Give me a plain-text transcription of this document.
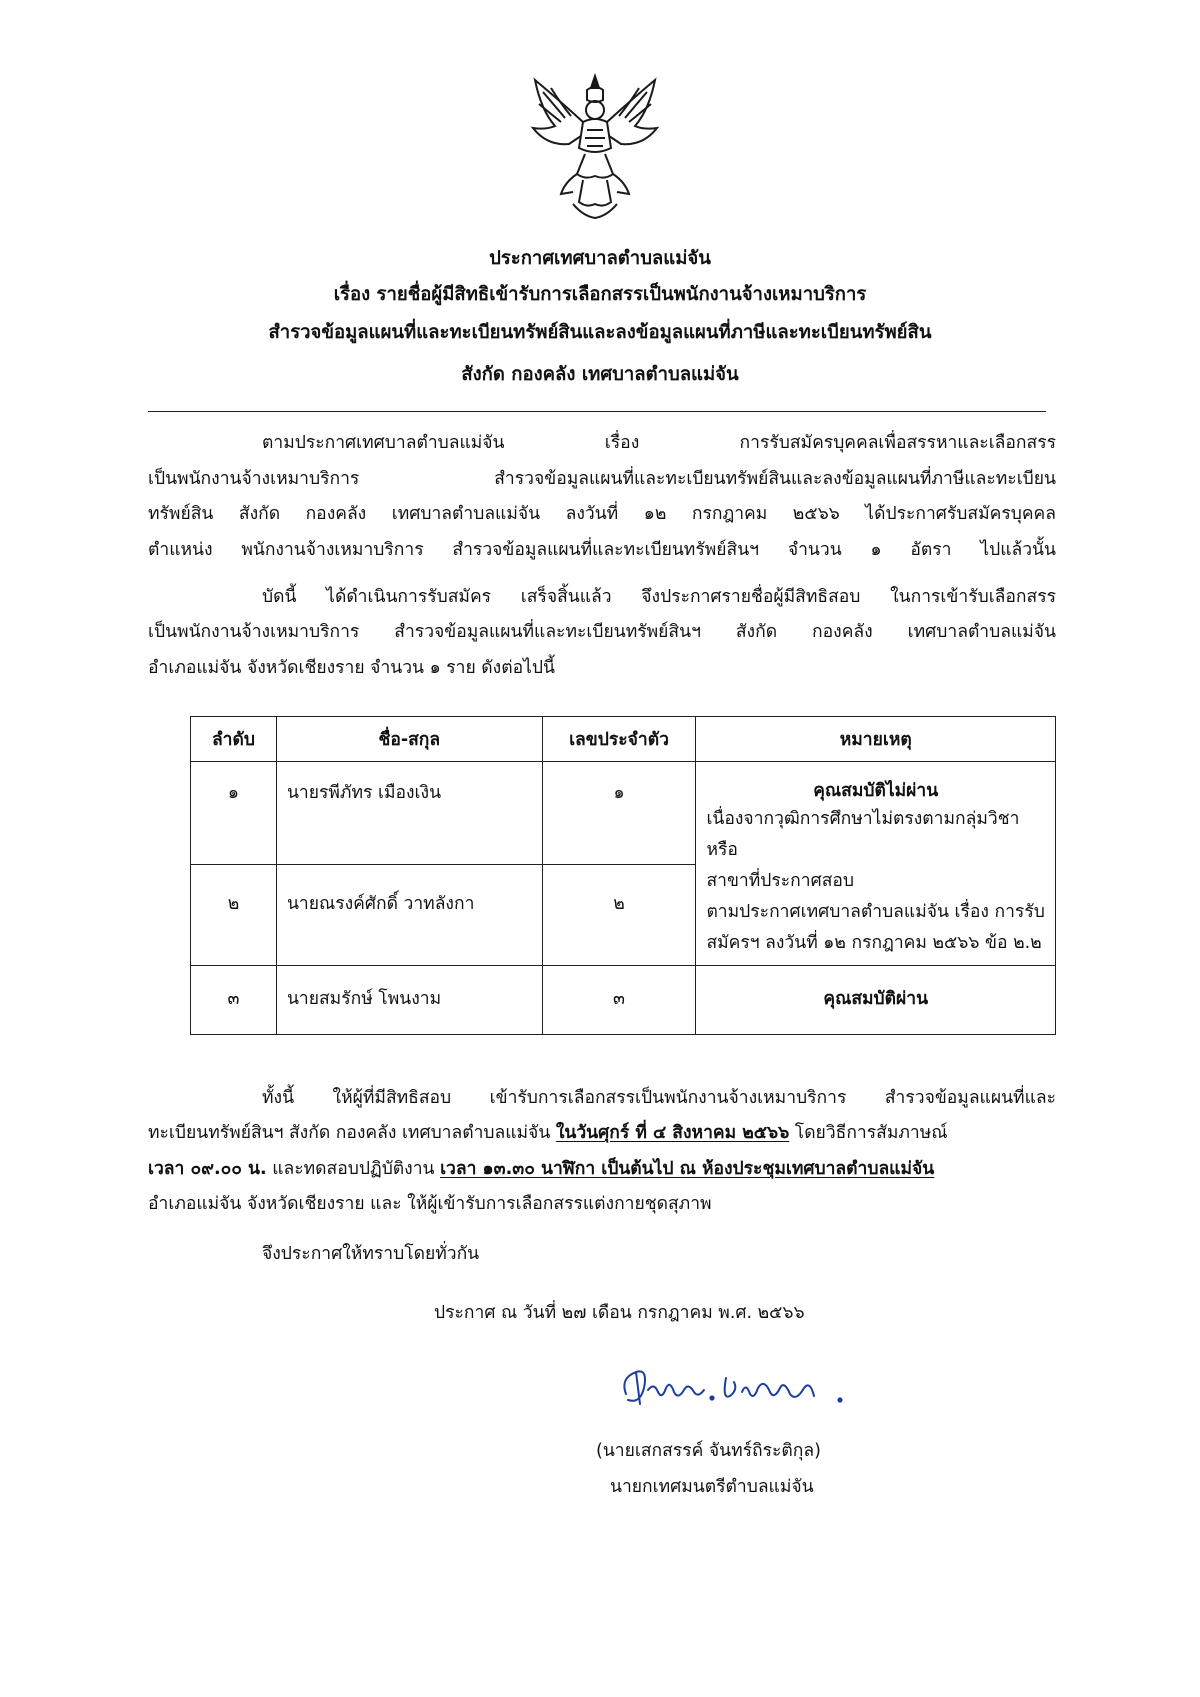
ประกาศเทศบาลตำบลแม่จัน
เรื่อง รายชื่อผู้มีสิทธิเข้ารับการเลือกสรรเป็นพนักงานจ้างเหมาบริการ
สำรวจข้อมูลแผนที่และทะเบียนทรัพย์สินและลงข้อมูลแผนที่ภาษีและทะเบียนทรัพย์สิน
สังกัด กองคลัง เทศบาลตำบลแม่จัน
ตามประกาศเทศบาลตำบลแม่จัน เรื่อง การรับสมัครบุคคลเพื่อสรรหาและเลือกสรร
เป็นพนักงานจ้างเหมาบริการ สำรวจข้อมูลแผนที่และทะเบียนทรัพย์สินและลงข้อมูลแผนที่ภาษีและทะเบียน
ทรัพย์สิน สังกัด กองคลัง เทศบาลตำบลแม่จัน ลงวันที่ ๑๒ กรกฎาคม ๒๕๖๖ ได้ประกาศรับสมัครบุคคล
ตำแหน่ง พนักงานจ้างเหมาบริการ สำรวจข้อมูลแผนที่และทะเบียนทรัพย์สินฯ จำนวน ๑ อัตรา ไปแล้วนั้น
บัดนี้ ได้ดำเนินการรับสมัคร เสร็จสิ้นแล้ว จึงประกาศรายชื่อผู้มีสิทธิสอบ ในการเข้ารับเลือกสรร
เป็นพนักงานจ้างเหมาบริการ สำรวจข้อมูลแผนที่และทะเบียนทรัพย์สินฯ สังกัด กองคลัง เทศบาลตำบลแม่จัน
อำเภอแม่จัน จังหวัดเชียงราย จำนวน ๑ ราย ดังต่อไปนี้
ลำดับ	ชื่อ-สกุล	เลขประจำตัว	หมายเหตุ

๑	นายรพีภัทร เมืองเงิน	๑	คุณสมบัติไม่ผ่าน
เนื่องจากวุฒิการศึกษาไม่ตรงตามกลุ่มวิชาหรือ
สาขาที่ประกาศสอบ
ตามประกาศเทศบาลตำบลแม่จัน เรื่อง การรับ
สมัครฯ ลงวันที่ ๑๒ กรกฎาคม ๒๕๖๖ ข้อ ๒.๒

๒	นายณรงค์ศักดิ์ วาทลังกา	๒	

๓	นายสมรักษ์ โพนงาม	๓	คุณสมบัติผ่าน
ทั้งนี้ ให้ผู้ที่มีสิทธิสอบ เข้ารับการเลือกสรรเป็นพนักงานจ้างเหมาบริการ สำรวจข้อมูลแผนที่และ
ทะเบียนทรัพย์สินฯ สังกัด กองคลัง เทศบาลตำบลแม่จัน ในวันศุกร์ ที่ ๔ สิงหาคม ๒๕๖๖ โดยวิธีการสัมภาษณ์
เวลา ๐๙.๐๐ น. และทดสอบปฏิบัติงาน เวลา ๑๓.๓๐ นาฬิกา เป็นต้นไป ณ ห้องประชุมเทศบาลตำบลแม่จัน
อำเภอแม่จัน จังหวัดเชียงราย และ ให้ผู้เข้ารับการเลือกสรรแต่งกายชุดสุภาพ
จึงประกาศให้ทราบโดยทั่วกัน
ประกาศ ณ วันที่ ๒๗ เดือน กรกฎาคม พ.ศ. ๒๕๖๖
(นายเสกสรรค์ จันทร์ถิระติกุล)
นายกเทศมนตรีตำบลแม่จัน
